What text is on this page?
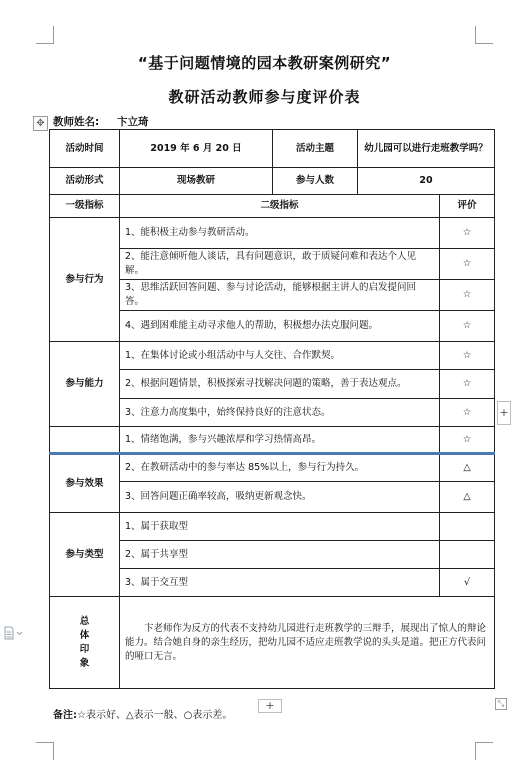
“基于问题情境的园本教研案例研究”
教研活动教师参与度评价表
✥ 教师姓名: 卞立琦
活动时间	2019 年 6 月 20 日	活动主题	幼儿园可以进行走班教学吗？	
活动形式	现场教研	参与人数	20	
一级指标	二级指标			评价
参与行为	1、能积极主动参与教研活动。			☆
	2、能注意倾听他人谈话，具有问题意识，敢于质疑问难和表达个人见解。			☆
	3、思维活跃回答问题、参与讨论活动，能够根据主讲人的启发提问回答。			☆
	4、遇到困难能主动寻求他人的帮助，积极想办法克服问题。			☆
参与能力	1、在集体讨论或小组活动中与人交往、合作默契。			☆
	2、根据问题情景，积极探索寻找解决问题的策略，善于表达观点。			☆
	3、注意力高度集中，始终保持良好的注意状态。			☆
	1、情绪饱满，参与兴趣浓厚和学习热情高昂。			☆
参与效果	2、在教研活动中的参与率达 85%以上，参与行为持久。			△
	3、回答问题正确率较高，吸纳更新观念快。			△
参与类型	1、属于获取型			
	2、属于共享型			
	3、属于交互型			√

总
体
印
象	卞老师作为反方的代表不支持幼儿园进行走班教学的三辩手，展现出了惊人的辩论能力。结合她自身的亲生经历，把幼儿园不适应走班教学说的头头是道。把正方代表问的哑口无言。			
备注:☆表示好、△表示一般、○表示差。
+
+
⤡
